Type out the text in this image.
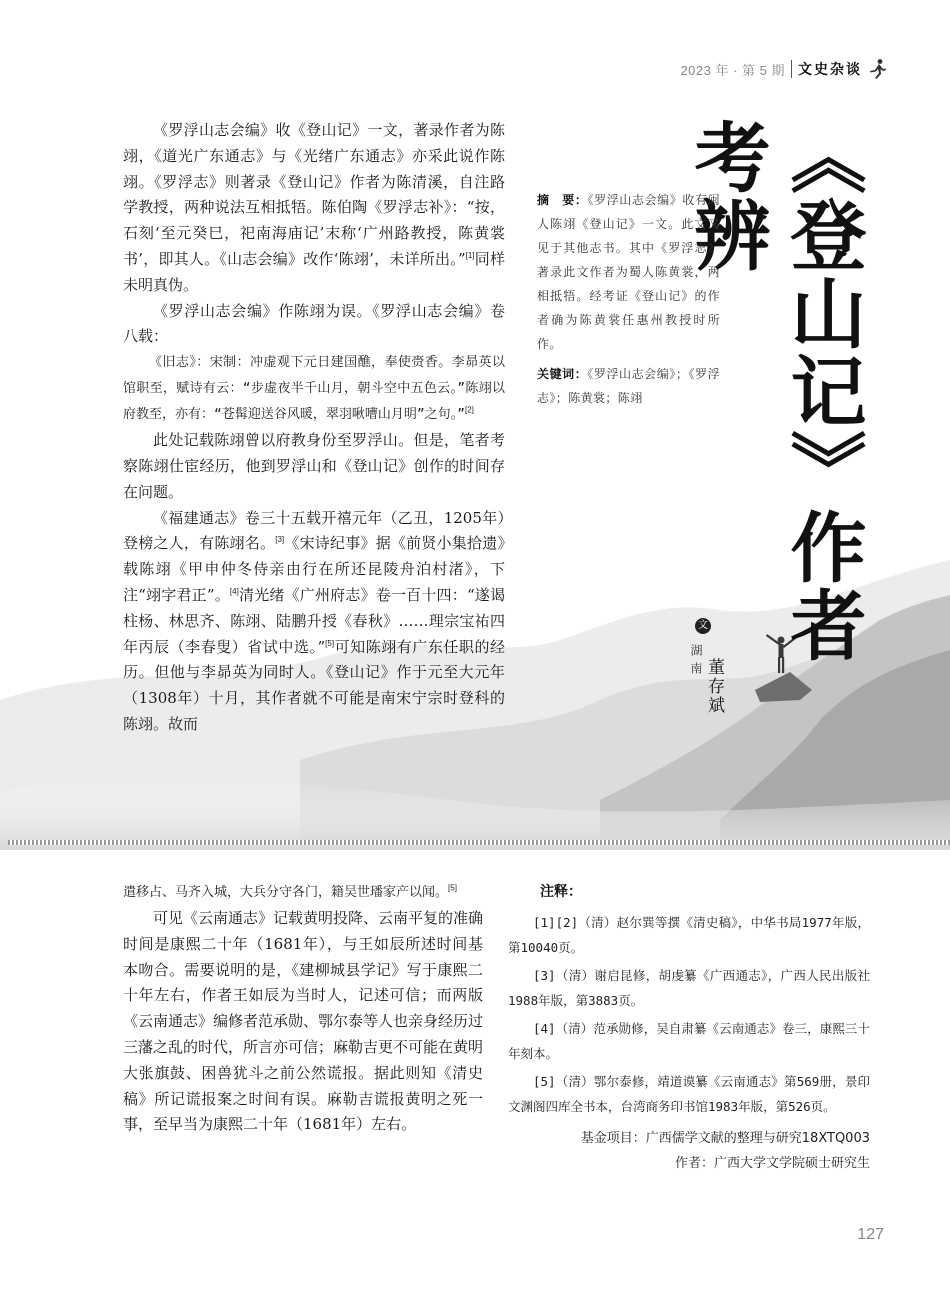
2023 年 · 第 5 期 文史杂谈
《登山记》作者考辨
文
湖南 董存斌

摘　要：《罗浮山志会编》收有闽人陈翊《登山记》一文。此文又见于其他志书。其中《罗浮志》著录此文作者为蜀人陈黄裳，两相抵牾。经考证《登山记》的作者确为陈黄裳任惠州教授时所作。

关键词：《罗浮山志会编》；《罗浮志》；陈黄裳；陈翊

《罗浮山志会编》收《登山记》一文，著录作者为陈翊，《道光广东通志》与《光绪广东通志》亦采此说作陈翊。《罗浮志》则著录《登山记》作者为陈清溪，自注路学教授，两种说法互相抵牾。陈伯陶《罗浮志补》：“按，石刻‘至元癸巳，祀南海庙记’末称‘广州路教授，陈黄裳书’，即其人。《山志会编》改作‘陈翊’，未详所出。”[1]同样未明真伪。

《罗浮山志会编》作陈翊为误。《罗浮山志会编》卷八载：

《旧志》：宋制：冲虚观下元日建国醮，奉使赍香。李昴英以馆职至，赋诗有云：“步虚夜半千山月，朝斗空中五色云。”陈翊以府教至，亦有：“苍髯迎送谷风暖，翠羽啾嘈山月明”之句。”[2]

此处记载陈翊曾以府教身份至罗浮山。但是，笔者考察陈翊仕宦经历，他到罗浮山和《登山记》创作的时间存在问题。

《福建通志》卷三十五载开禧元年（乙丑，1205年）登榜之人，有陈翊名。[3]《宋诗纪事》据《前贤小集拾遗》载陈翊《甲申仲冬侍亲由行在所还昆陵舟泊村渚》，下注“翊字君正”。[4]清光绪《广州府志》卷一百十四：“遂谒柱杨、林思齐、陈翊、陆鹏升授《春秋》……理宗宝祐四年丙辰（李春叟）省试中选。”[5]可知陈翊有广东任职的经历。但他与李昴英为同时人。《登山记》作于元至大元年（1308年）十月，其作者就不可能是南宋宁宗时登科的陈翊。故而

遣移占、马齐入城，大兵分守各门，籍吴世璠家产以闻。[5]

可见《云南通志》记载黄明投降、云南平复的准确时间是康熙二十年（1681年），与王如辰所述时间基本吻合。需要说明的是，《建柳城县学记》写于康熙二十年左右，作者王如辰为当时人，记述可信；而两版《云南通志》编修者范承勋、鄂尔泰等人也亲身经历过三藩之乱的时代，所言亦可信；麻勒吉更不可能在黄明大张旗鼓、困兽犹斗之前公然谎报。据此则知《清史稿》所记谎报案之时间有误。麻勒吉谎报黄明之死一事，至早当为康熙二十年（1681年）左右。

注释：

[1][2]（清）赵尔巽等撰《清史稿》，中华书局1977年版，第10040页。

[3]（清）谢启昆修，胡虔纂《广西通志》，广西人民出版社1988年版，第3883页。

[4]（清）范承勋修，吴自肃纂《云南通志》卷三，康熙三十年刻本。

[5]（清）鄂尔泰修，靖道谟纂《云南通志》第569册，景印文渊阁四库全书本，台湾商务印书馆1983年版，第526页。

基金项目：广西儒学文献的整理与研究18XTQ003
作者：广西大学文学院硕士研究生
127
